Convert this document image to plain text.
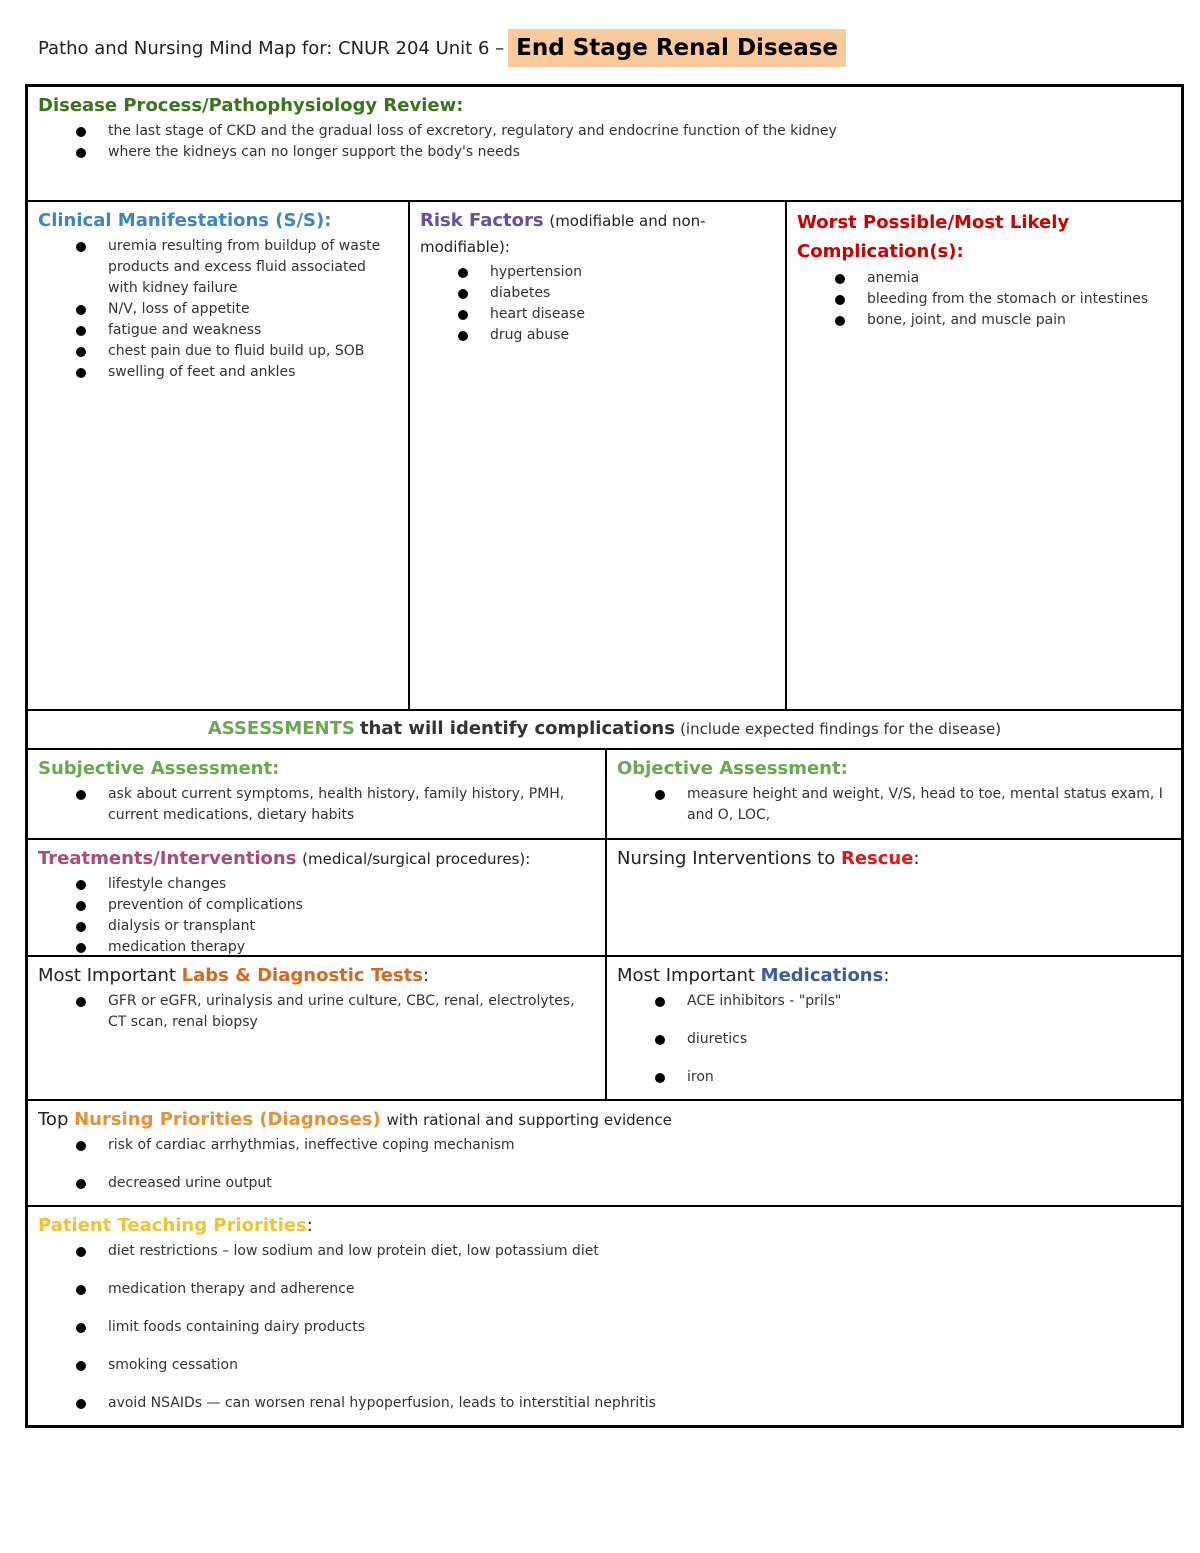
Patho and Nursing Mind Map for: CNUR 204 Unit 6 – End Stage Renal Disease
Disease Process/Pathophysiology Review:
the last stage of CKD and the gradual loss of excretory, regulatory and endocrine function of the kidney
where the kidneys can no longer support the body's needs
Clinical Manifestations (S/S):
uremia resulting from buildup of waste products and excess fluid associated with kidney failure
N/V, loss of appetite
fatigue and weakness
chest pain due to fluid build up, SOB
swelling of feet and ankles
Risk Factors (modifiable and non-modifiable):
hypertension
diabetes
heart disease
drug abuse
Worst Possible/Most Likely Complication(s):
anemia
bleeding from the stomach or intestines
bone, joint, and muscle pain
ASSESSMENTS that will identify complications (include expected findings for the disease)
Subjective Assessment:
ask about current symptoms, health history, family history, PMH, current medications, dietary habits
Objective Assessment:
measure height and weight, V/S, head to toe, mental status exam, I and O, LOC,
Treatments/Interventions (medical/surgical procedures):
lifestyle changes
prevention of complications
dialysis or transplant
medication therapy
Nursing Interventions to Rescue:
Most Important Labs & Diagnostic Tests:
GFR or eGFR, urinalysis and urine culture, CBC, renal, electrolytes, CT scan, renal biopsy
Most Important Medications:
ACE inhibitors - "prils"
diuretics
iron
Top Nursing Priorities (Diagnoses) with rational and supporting evidence
risk of cardiac arrhythmias, ineffective coping mechanism
decreased urine output
Patient Teaching Priorities:
diet restrictions – low sodium and low protein diet, low potassium diet
medication therapy and adherence
limit foods containing dairy products
smoking cessation
avoid NSAIDs — can worsen renal hypoperfusion, leads to interstitial nephritis
